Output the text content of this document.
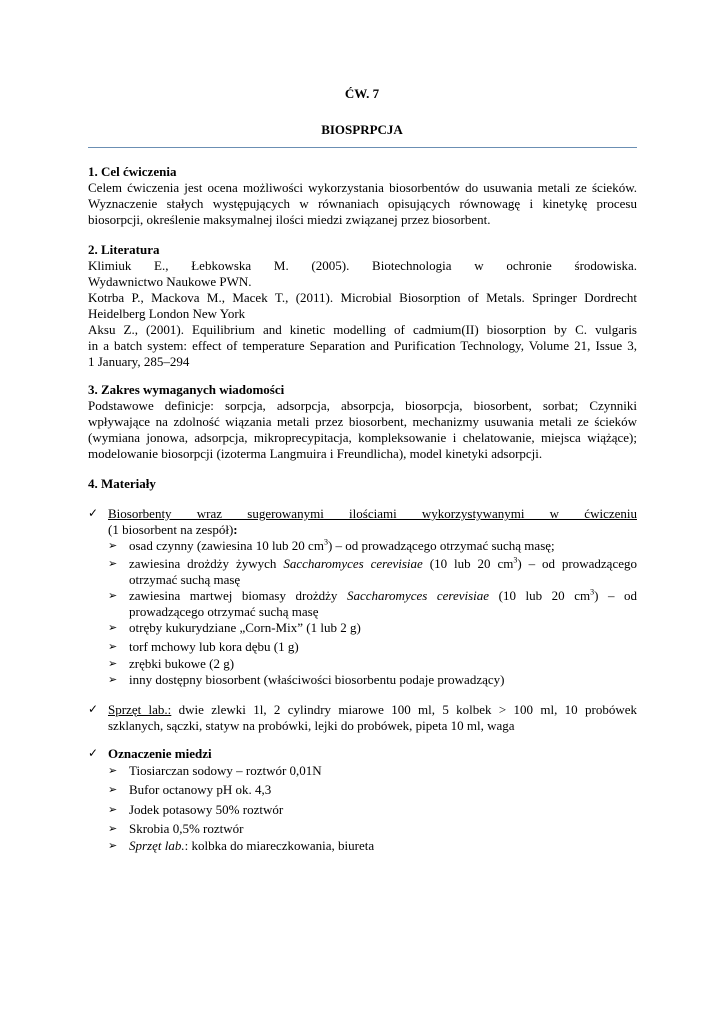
ĆW. 7
BIOSPRPCJA
1. Cel ćwiczenia
Celem ćwiczenia jest ocena możliwości wykorzystania biosorbentów do usuwania metali ze ścieków.
Wyznaczenie stałych występujących w równaniach opisujących równowagę i kinetykę procesu
biosorpcji, określenie maksymalnej ilości miedzi związanej przez biosorbent.
2. Literatura
Klimiuk E., Łebkowska M. (2005). Biotechnologia w ochronie środowiska.
Wydawnictwo Naukowe PWN.
Kotrba P., Mackova M., Macek T., (2011). Microbial Biosorption of Metals. Springer Dordrecht
Heidelberg London New York
Aksu Z., (2001). Equilibrium and kinetic modelling of cadmium(II) biosorption by C. vulgaris
in a batch system: effect of temperature Separation and Purification Technology, Volume 21, Issue 3,
1 January, 285–294
3. Zakres wymaganych wiadomości
Podstawowe definicje: sorpcja, adsorpcja, absorpcja, biosorpcja, biosorbent, sorbat; Czynniki
wpływające na zdolność wiązania metali przez biosorbent, mechanizmy usuwania metali ze ścieków
(wymiana jonowa, adsorpcja, mikroprecypitacja, kompleksowanie i chelatowanie, miejsca wiążące);
modelowanie biosorpcji (izoterma Langmuira i Freundlicha), model kinetyki adsorpcji.
4. Materiały
✓ Biosorbenty wraz sugerowanymi ilościami wykorzystywanymi w ćwiczeniu
(1 biosorbent na zespół):
➢ osad czynny (zawiesina 10 lub 20 $cm^3$) – od prowadzącego otrzymać suchą masę;
➢ zawiesina drożdży żywych Saccharomyces cerevisiae (10 lub 20 $cm^3$) – od prowadzącego
otrzymać suchą masę
➢ zawiesina martwej biomasy drożdży Saccharomyces cerevisiae (10 lub 20 $cm^3$) – od
prowadzącego otrzymać suchą masę
➢ otręby kukurydziane „Corn-Mix” (1 lub 2 g)
➢ torf mchowy lub kora dębu (1 g)
➢ zrębki bukowe (2 g)
➢ inny dostępny biosorbent (właściwości biosorbentu podaje prowadzący)
✓ Sprzęt lab.: dwie zlewki 1l, 2 cylindry miarowe 100 ml, 5 kolbek > 100 ml, 10 probówek
szklanych, sączki, statyw na probówki, lejki do probówek, pipeta 10 ml, waga
✓ Oznaczenie miedzi
➢ Tiosiarczan sodowy – roztwór 0,01N
➢ Bufor octanowy pH ok. 4,3
➢ Jodek potasowy 50% roztwór
➢ Skrobia 0,5% roztwór
➢ Sprzęt lab.: kolbka do miareczkowania, biureta
